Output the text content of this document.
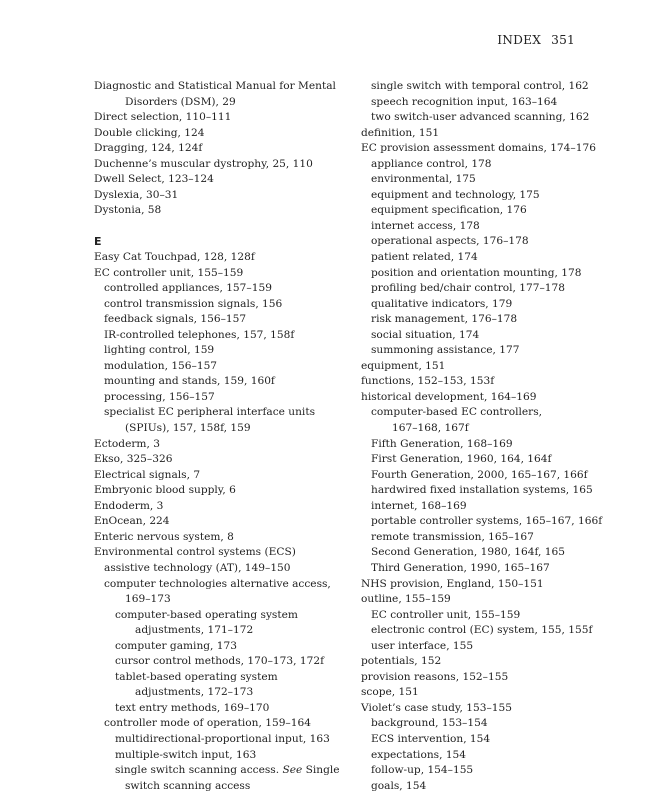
INDEX 351
Diagnostic and Statistical Manual for Mental
Disorders (DSM), 29
Direct selection, 110–111
Double clicking, 124
Dragging, 124, 124f
Duchenne’s muscular dystrophy, 25, 110
Dwell Select, 123–124
Dyslexia, 30–31
Dystonia, 58
E
Easy Cat Touchpad, 128, 128f
EC controller unit, 155–159
controlled appliances, 157–159
control transmission signals, 156
feedback signals, 156–157
IR-controlled telephones, 157, 158f
lighting control, 159
modulation, 156–157
mounting and stands, 159, 160f
processing, 156–157
specialist EC peripheral interface units
(SPIUs), 157, 158f, 159
Ectoderm, 3
Ekso, 325–326
Electrical signals, 7
Embryonic blood supply, 6
Endoderm, 3
EnOcean, 224
Enteric nervous system, 8
Environmental control systems (ECS)
assistive technology (AT), 149–150
computer technologies alternative access,
169–173
computer-based operating system
adjustments, 171–172
computer gaming, 173
cursor control methods, 170–173, 172f
tablet-based operating system
adjustments, 172–173
text entry methods, 169–170
controller mode of operation, 159–164
multidirectional-proportional input, 163
multiple-switch input, 163
single switch scanning access. See Single
switch scanning access
single switch with temporal control, 162
speech recognition input, 163–164
two switch-user advanced scanning, 162
definition, 151
EC provision assessment domains, 174–176
appliance control, 178
environmental, 175
equipment and technology, 175
equipment specification, 176
internet access, 178
operational aspects, 176–178
patient related, 174
position and orientation mounting, 178
profiling bed/chair control, 177–178
qualitative indicators, 179
risk management, 176–178
social situation, 174
summoning assistance, 177
equipment, 151
functions, 152–153, 153f
historical development, 164–169
computer-based EC controllers,
167–168, 167f
Fifth Generation, 168–169
First Generation, 1960, 164, 164f
Fourth Generation, 2000, 165–167, 166f
hardwired fixed installation systems, 165
internet, 168–169
portable controller systems, 165–167, 166f
remote transmission, 165–167
Second Generation, 1980, 164f, 165
Third Generation, 1990, 165–167
NHS provision, England, 150–151
outline, 155–159
EC controller unit, 155–159
electronic control (EC) system, 155, 155f
user interface, 155
potentials, 152
provision reasons, 152–155
scope, 151
Violet’s case study, 153–155
background, 153–154
ECS intervention, 154
expectations, 154
follow-up, 154–155
goals, 154
